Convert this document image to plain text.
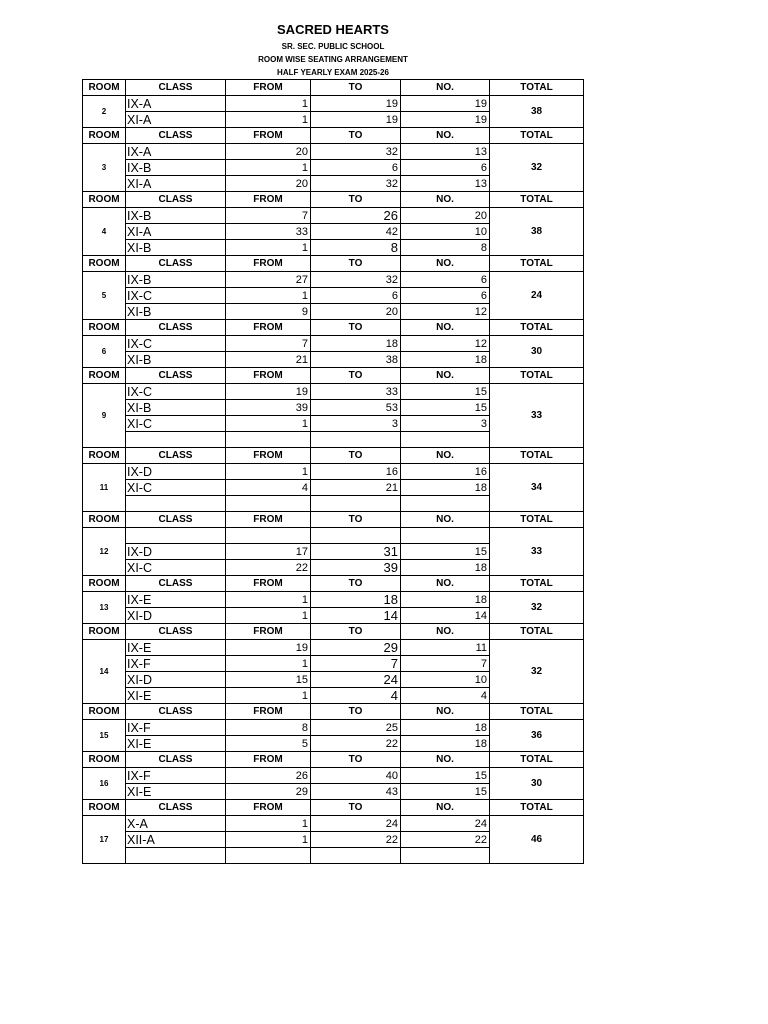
SACRED HEARTS
SR. SEC. PUBLIC SCHOOL
ROOM WISE SEATING ARRANGEMENT
HALF YEARLY EXAM 2025-26
ROOM	CLASS	FROM	TO	NO.	TOTAL
2	IX-A	1	19	19	38
	XI-A	1	19	19	
ROOM	CLASS	FROM	TO	NO.	TOTAL
3	IX-A	20	32	13	32
	IX-B	1	6	6	
	XI-A	20	32	13	
ROOM	CLASS	FROM	TO	NO.	TOTAL
4	IX-B	7	26	20	38
	XI-A	33	42	10	
	XI-B	1	8	8	
ROOM	CLASS	FROM	TO	NO.	TOTAL
5	IX-B	27	32	6	24
	IX-C	1	6	6	
	XI-B	9	20	12	
ROOM	CLASS	FROM	TO	NO.	TOTAL
6	IX-C	7	18	12	30
	XI-B	21	38	18	
ROOM	CLASS	FROM	TO	NO.	TOTAL
9	IX-C	19	33	15	33
	XI-B	39	53	15	
	XI-C	1	3	3	

ROOM	CLASS	FROM	TO	NO.	TOTAL
11	IX-D	1	16	16	34
	XI-C	4	21	18	

ROOM	CLASS	FROM	TO	NO.	TOTAL
12					33
	IX-D	17	31	15	
	XI-C	22	39	18	
ROOM	CLASS	FROM	TO	NO.	TOTAL
13	IX-E	1	18	18	32
	XI-D	1	14	14	
ROOM	CLASS	FROM	TO	NO.	TOTAL
14	IX-E	19	29	11	32
	IX-F	1	7	7	
	XI-D	15	24	10	
	XI-E	1	4	4	
ROOM	CLASS	FROM	TO	NO.	TOTAL
15	IX-F	8	25	18	36
	XI-E	5	22	18	
ROOM	CLASS	FROM	TO	NO.	TOTAL
16	IX-F	26	40	15	30
	XI-E	29	43	15	
ROOM	CLASS	FROM	TO	NO.	TOTAL
17	X-A	1	24	24	46
	XII-A	1	22	22	
